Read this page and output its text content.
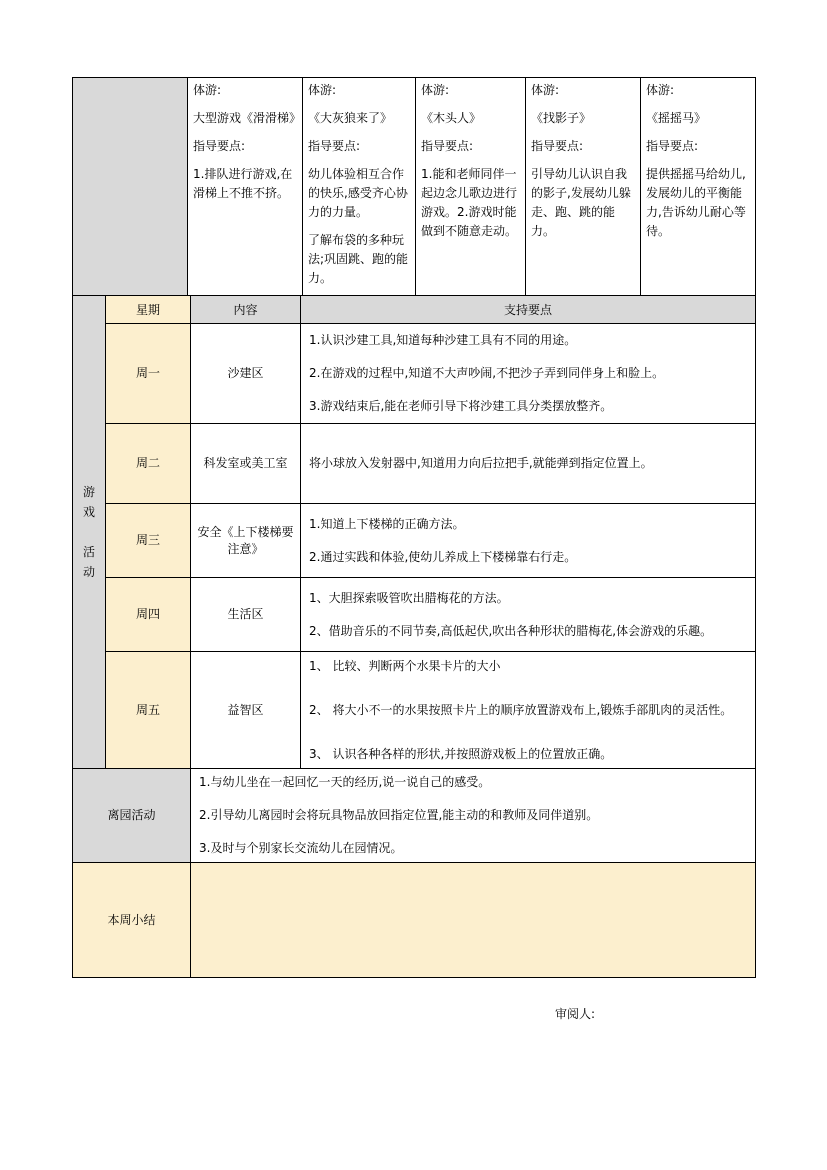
体游:

大型游戏《滑滑梯》

指导要点:

1.排队进行游戏,在滑梯上不推不挤。

体游:

《大灰狼来了》

指导要点:

幼儿体验相互合作的快乐,感受齐心协力的力量。

了解布袋的多种玩法;巩固跳、跑的能力。

体游:

《木头人》

指导要点:

1.能和老师同伴一起边念儿歌边进行游戏。2.游戏时能做到不随意走动。

体游:

《找影子》

指导要点:

引导幼儿认识自我的影子,发展幼儿躲走、跑、跳的能力。

体游:

《摇摇马》

指导要点:

提供摇摇马给幼儿,发展幼儿的平衡能力,告诉幼儿耐心等待。

游戏

活动	星期	内容	支持要点
	周一	沙建区	1.认识沙建工具,知道每种沙建工具有不同的用途。

2.在游戏的过程中,知道不大声吵闹,不把沙子弄到同伴身上和脸上。

3.游戏结束后,能在老师引导下将沙建工具分类摆放整齐。

	周二	科发室或美工室	将小球放入发射器中,知道用力向后拉把手,就能弹到指定位置上。

	周三	安全《上下楼梯要注意》	1.知道上下楼梯的正确方法。

2.通过实践和体验,使幼儿养成上下楼梯靠右行走。

	周四	生活区	1、大胆探索吸管吹出腊梅花的方法。

2、借助音乐的不同节奏,高低起伏,吹出各种形状的腊梅花,体会游戏的乐趣。

	周五	益智区	1、 比较、判断两个水果卡片的大小

2、 将大小不一的水果按照卡片上的顺序放置游戏布上,锻炼手部肌肉的灵活性。

3、 认识各种各样的形状,并按照游戏板上的位置放正确。

离园活动	1.与幼儿坐在一起回忆一天的经历,说一说自己的感受。

2.引导幼儿离园时会将玩具物品放回指定位置,能主动的和教师及同伴道别。

3.及时与个别家长交流幼儿在园情况。

本周小结	
审阅人:
